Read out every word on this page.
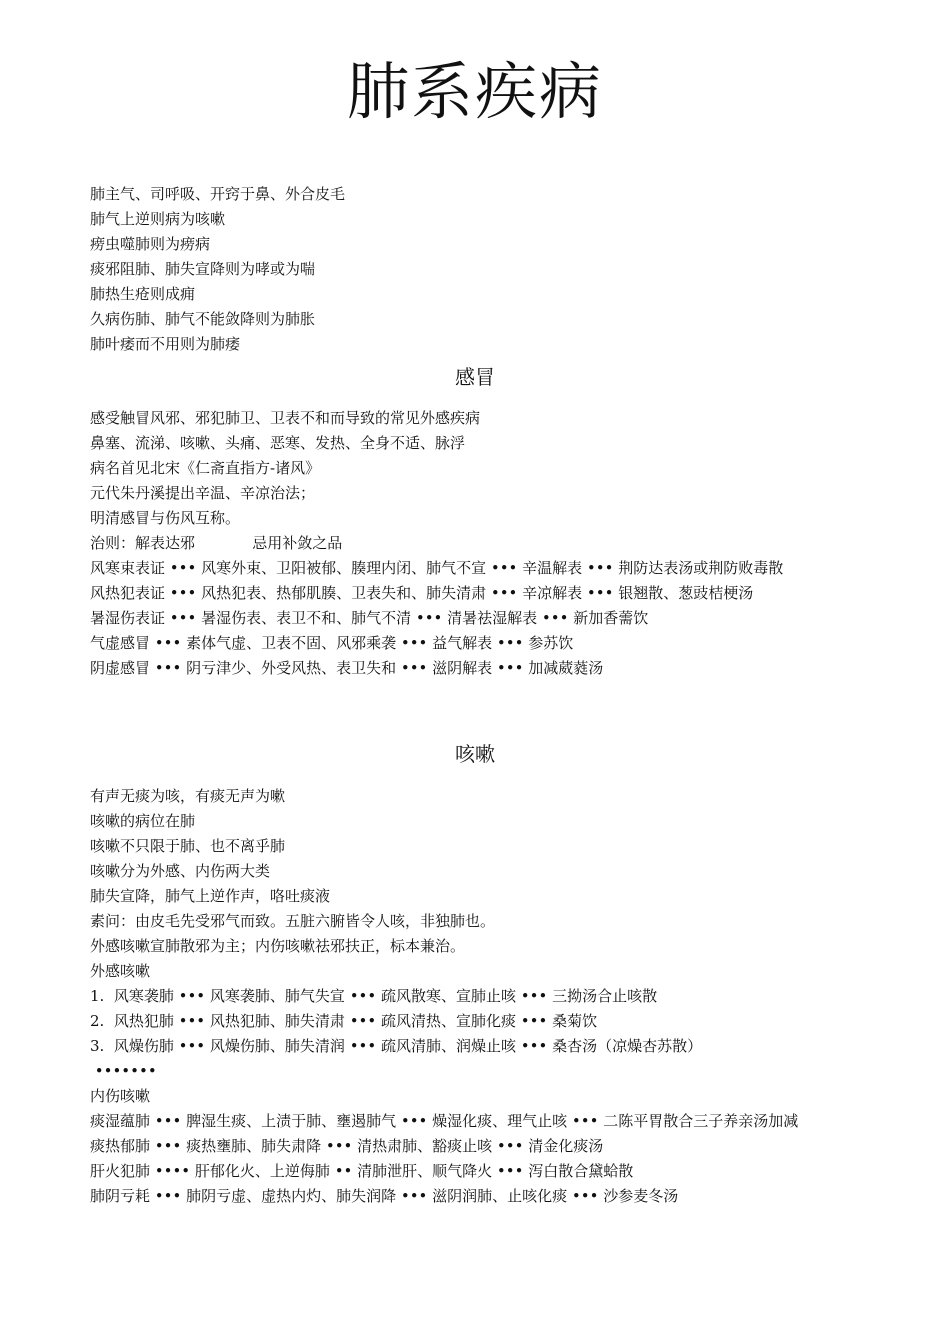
肺系疾病
肺主气、司呼吸、开窍于鼻、外合皮毛
肺气上逆则病为咳嗽
痨虫噬肺则为痨病
痰邪阻肺、肺失宣降则为哮或为喘
肺热生疮则成痈
久病伤肺、肺气不能敛降则为肺胀
肺叶痿而不用则为肺痿
感冒
感受触冒风邪、邪犯肺卫、卫表不和而导致的常见外感疾病
鼻塞、流涕、咳嗽、头痛、恶寒、发热、全身不适、脉浮
病名首见北宋《仁斋直指方-诸风》
元代朱丹溪提出辛温、辛凉治法；
明清感冒与伤风互称。
治则：解表达邪            忌用补敛之品
风寒束表证 ••• 风寒外束、卫阳被郁、腠理内闭、肺气不宣 ••• 辛温解表 ••• 荆防达表汤或荆防败毒散
风热犯表证 ••• 风热犯表、热郁肌腠、卫表失和、肺失清肃 ••• 辛凉解表 ••• 银翘散、葱豉桔梗汤
暑湿伤表证 ••• 暑湿伤表、表卫不和、肺气不清 ••• 清暑祛湿解表 ••• 新加香薷饮
气虚感冒 ••• 素体气虚、卫表不固、风邪乘袭 ••• 益气解表 ••• 参苏饮
阴虚感冒 ••• 阴亏津少、外受风热、表卫失和 ••• 滋阴解表 ••• 加减葳蕤汤
咳嗽
有声无痰为咳，有痰无声为嗽
咳嗽的病位在肺
咳嗽不只限于肺、也不离乎肺
咳嗽分为外感、内伤两大类
肺失宣降，肺气上逆作声，咯吐痰液
素问：由皮毛先受邪气而致。五脏六腑皆令人咳，非独肺也。
外感咳嗽宣肺散邪为主；内伤咳嗽祛邪扶正，标本兼治。
外感咳嗽
1.  风寒袭肺 ••• 风寒袭肺、肺气失宣 ••• 疏风散寒、宣肺止咳 ••• 三拗汤合止咳散
2.  风热犯肺 ••• 风热犯肺、肺失清肃 ••• 疏风清热、宣肺化痰 ••• 桑菊饮
3.  风燥伤肺 ••• 风燥伤肺、肺失清润 ••• 疏风清肺、润燥止咳 ••• 桑杏汤（凉燥杏苏散）
•••••••
内伤咳嗽
痰湿蕴肺 ••• 脾湿生痰、上渍于肺、壅遏肺气 ••• 燥湿化痰、理气止咳 ••• 二陈平胃散合三子养亲汤加减
痰热郁肺 ••• 痰热壅肺、肺失肃降 ••• 清热肃肺、豁痰止咳 ••• 清金化痰汤
肝火犯肺 •••• 肝郁化火、上逆侮肺 •• 清肺泄肝、顺气降火 ••• 泻白散合黛蛤散
肺阴亏耗 ••• 肺阴亏虚、虚热内灼、肺失润降 ••• 滋阴润肺、止咳化痰 ••• 沙参麦冬汤
